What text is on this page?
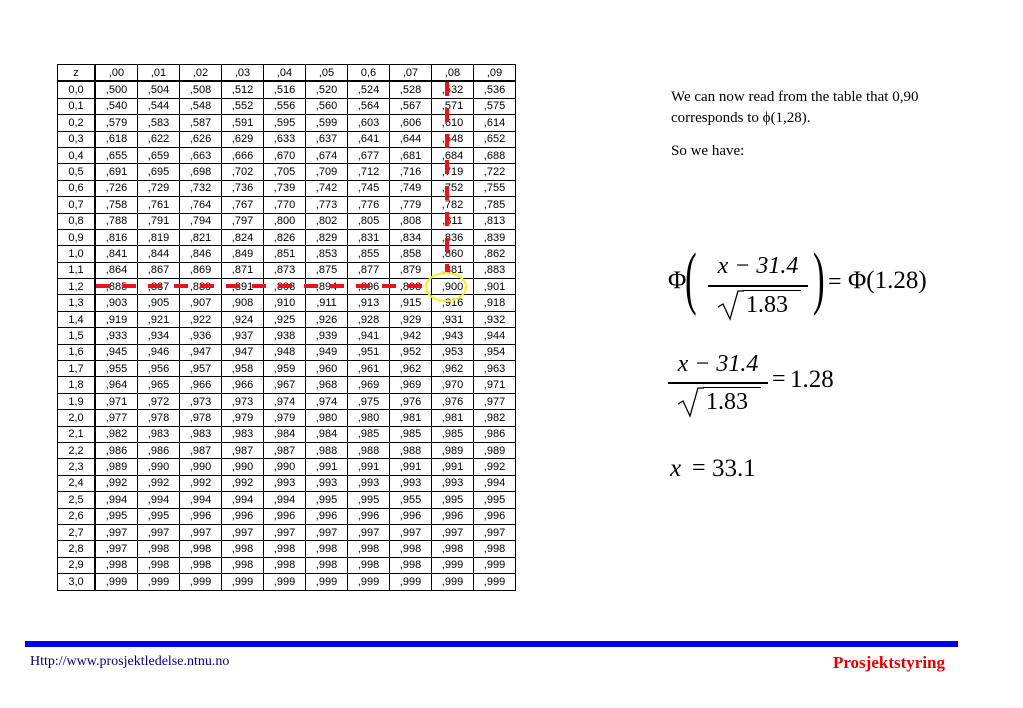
z	,00	,01	,02	,03	,04	,05	0,6	,07	,08	,09
0,0	,500	,504	,508	,512	,516	,520	,524	,528	,532	,536
0,1	,540	,544	,548	,552	,556	,560	,564	,567	,571	,575
0,2	,579	,583	,587	,591	,595	,599	,603	,606	,610	,614
0,3	,618	,622	,626	,629	,633	,637	,641	,644	,548	,652
0,4	,655	,659	,663	,666	,670	,674	,677	,681	,684	,688
0,5	,691	,695	,698	,702	,705	,709	,712	,716	,719	,722
0,6	,726	,729	,732	,736	,739	,742	,745	,749	,752	,755
0,7	,758	,761	,764	,767	,770	,773	,776	,779	,782	,785
0,8	,788	,791	,794	,797	,800	,802	,805	,808	,811	,813
0,9	,816	,819	,821	,824	,826	,829	,831	,834	,836	,839
1,0	,841	,844	,846	,849	,851	,853	,855	,858	,860	,862
1,1	,864	,867	,869	,871	,873	,875	,877	,879	,881	,883
1,2	,885	,887	,889	,891	,893	,894	,896	,898	,900	,901
1,3	,903	,905	,907	,908	,910	,911	,913	,915	,916	,918
1,4	,919	,921	,922	,924	,925	,926	,928	,929	,931	,932
1,5	,933	,934	,936	,937	,938	,939	,941	,942	,943	,944
1,6	,945	,946	,947	,947	,948	,949	,951	,952	,953	,954
1,7	,955	,956	,957	,958	,959	,960	,961	,962	,962	,963
1,8	,964	,965	,966	,966	,967	,968	,969	,969	,970	,971
1,9	,971	,972	,973	,973	,974	,974	,975	,976	,976	,977
2,0	,977	,978	,978	,979	,979	,980	,980	,981	,981	,982
2,1	,982	,983	,983	,983	,984	,984	,985	,985	,985	,986
2,2	,986	,986	,987	,987	,987	,988	,988	,988	,989	,989
2,3	,989	,990	,990	,990	,990	,991	,991	,991	,991	,992
2,4	,992	,992	,992	,992	,993	,993	,993	,993	,993	,994
2,5	,994	,994	,994	,994	,994	,995	,995	,955	,995	,995
2,6	,995	,995	,996	,996	,996	,996	,996	,996	,996	,996
2,7	,997	,997	,997	,997	,997	,997	,997	,997	,997	,997
2,8	,997	,998	,998	,998	,998	,998	,998	,998	,998	,998
2,9	,998	,998	,998	,998	,998	,998	,998	,998	,999	,999
3,0	,999	,999	,999	,999	,999	,999	,999	,999	,999	,999

We can now read from the table that 0,90
corresponds to ϕ(1,28).

So we have:

Φ
( x − 31.4
1.83 ) = Φ(1.28)
x − 31.4
1.83
= 1.28
x = 33.1
Http://www.prosjektledelse.ntnu.no	Prosjektstyring
